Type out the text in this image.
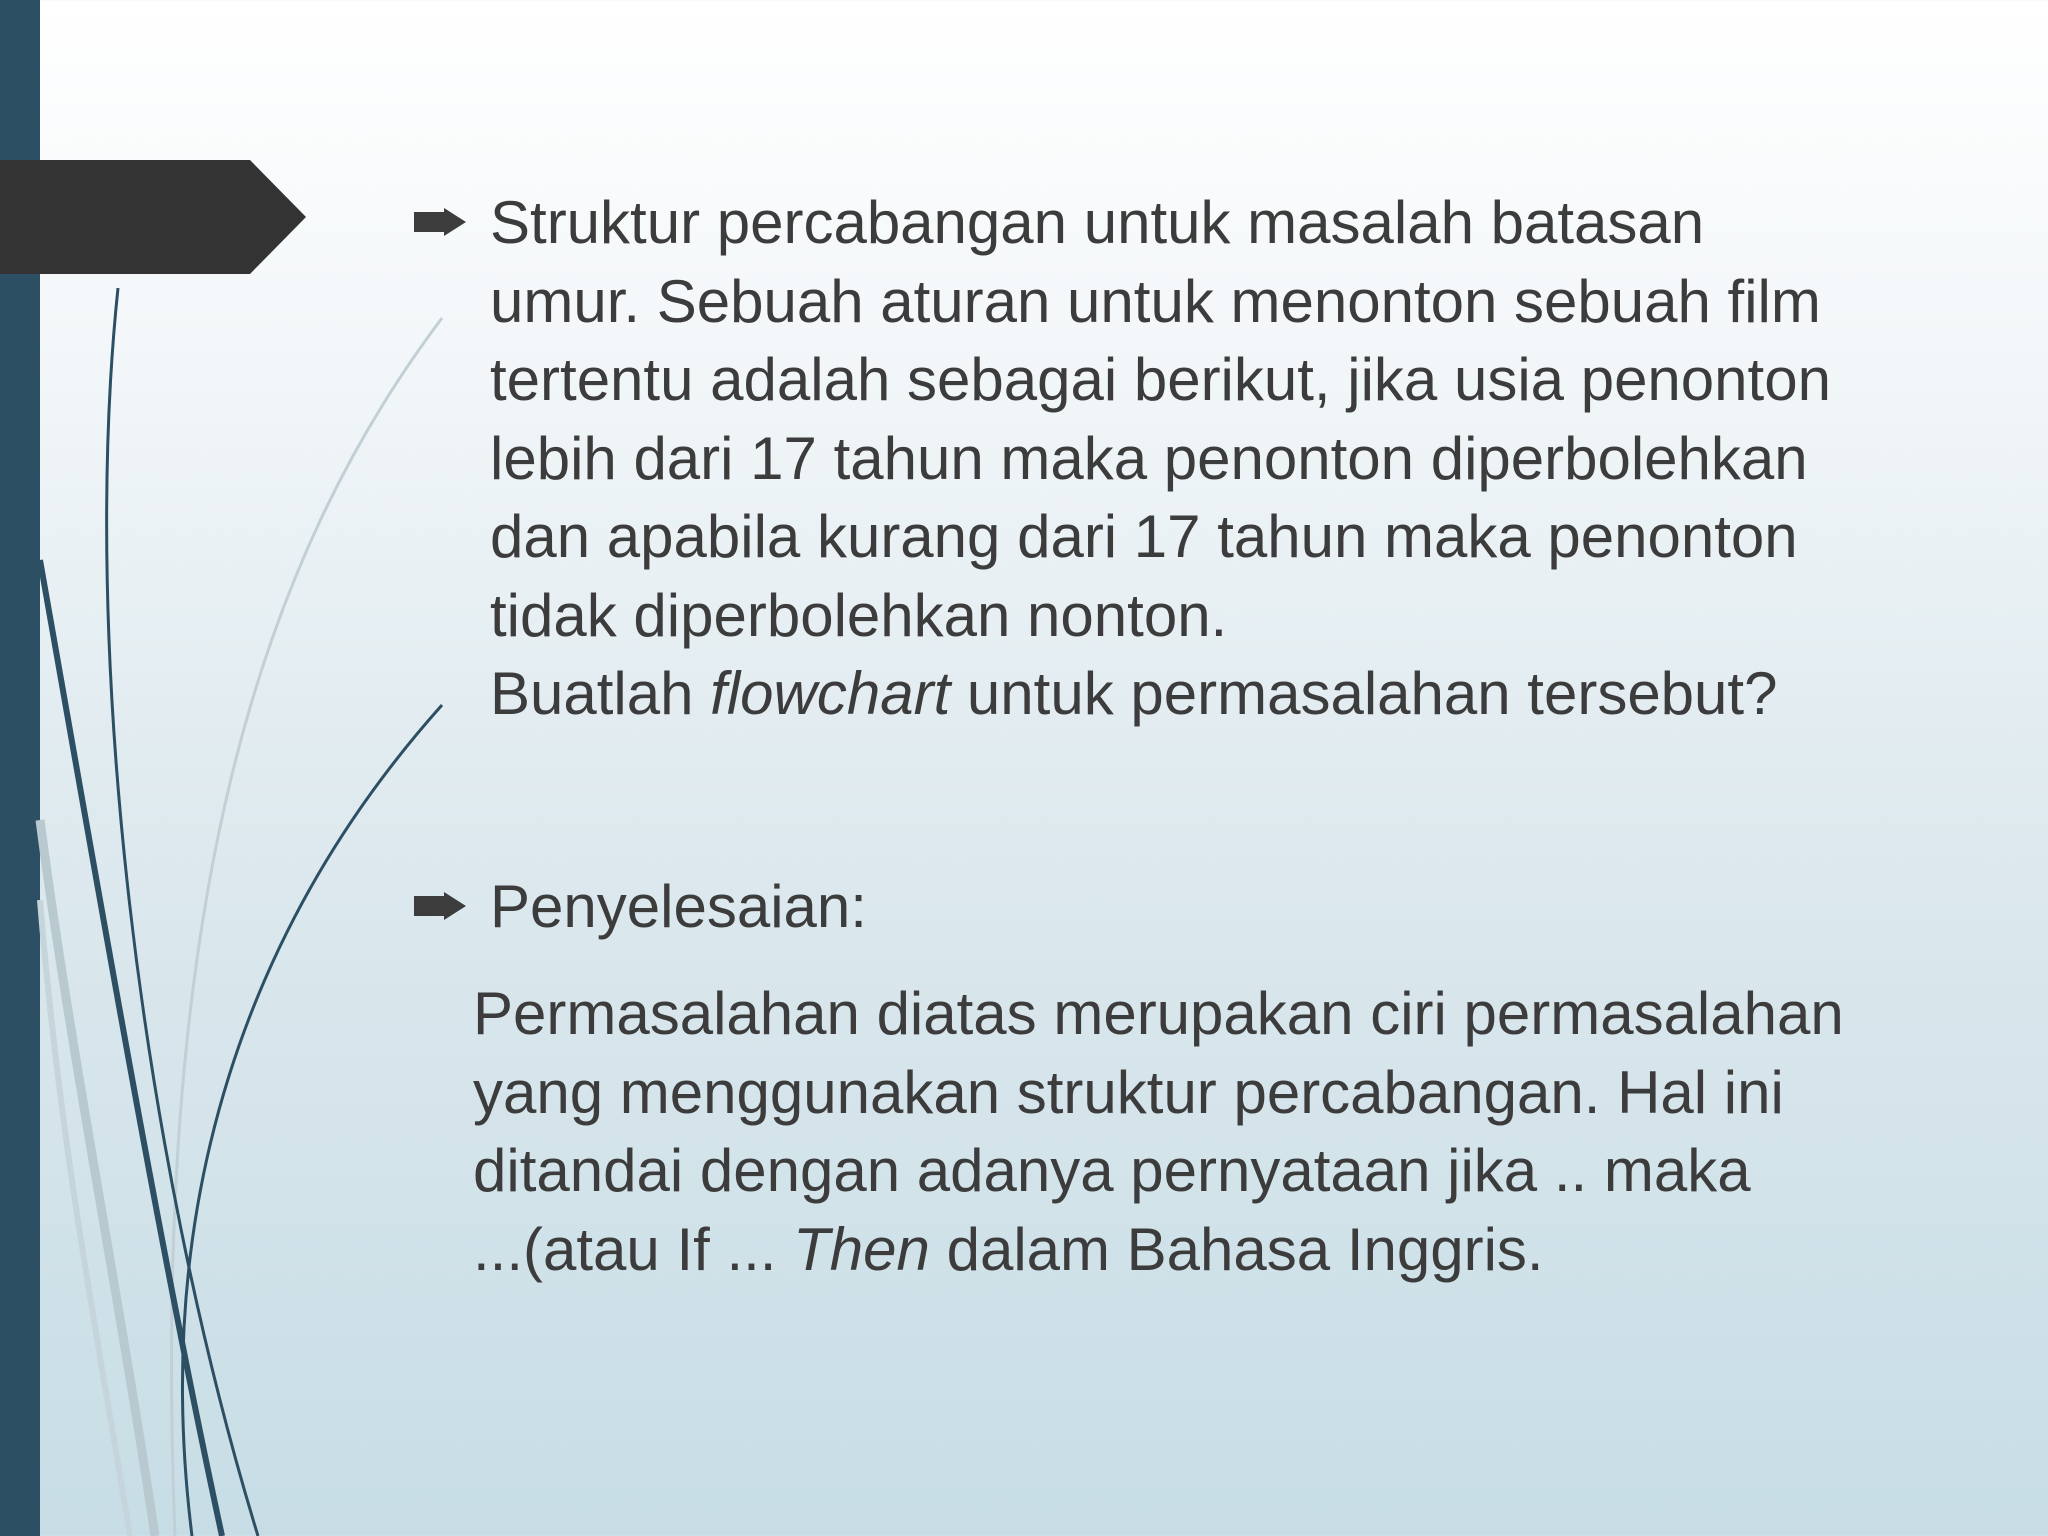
Struktur percabangan untuk masalah batasan
umur. Sebuah aturan untuk menonton sebuah film
tertentu adalah sebagai berikut, jika usia penonton
lebih dari 17 tahun maka penonton diperbolehkan
dan apabila kurang dari 17 tahun maka penonton
tidak diperbolehkan nonton.
Buatlah flowchart untuk permasalahan tersebut?
Penyelesaian:
Permasalahan diatas merupakan ciri permasalahan
yang menggunakan struktur percabangan. Hal ini
ditandai dengan adanya pernyataan jika .. maka
...(atau If ... Then dalam Bahasa Inggris.
